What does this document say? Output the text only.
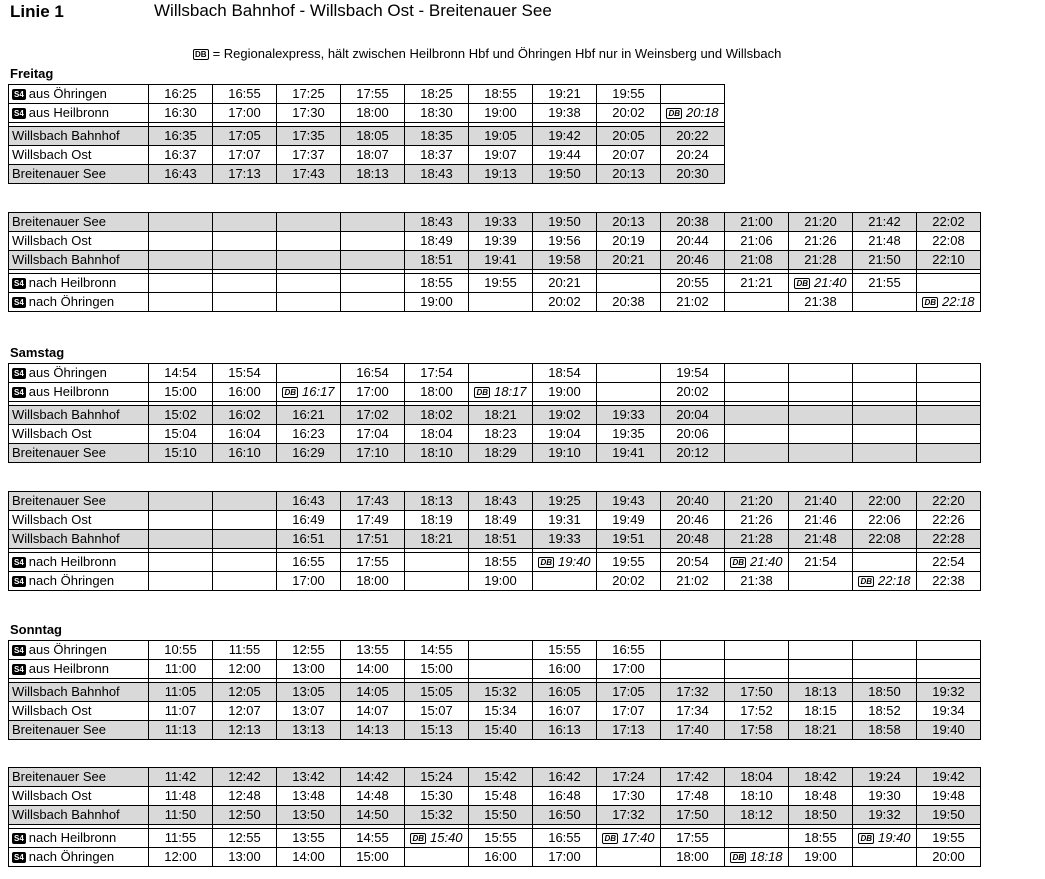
Linie 1	Willsbach Bahnhof - Willsbach Ost - Breitenauer See
DB = Regionalexpress, hält zwischen Heilbronn Hbf und Öhringen Hbf nur in Weinsberg und Willsbach
Freitag
S4 aus Öhringen	16:25	16:55	17:25	17:55	18:25	18:55	19:21	19:55	
S4 aus Heilbronn	16:30	17:00	17:30	18:00	18:30	19:00	19:38	20:02	DB 20:18

Willsbach Bahnhof	16:35	17:05	17:35	18:05	18:35	19:05	19:42	20:05	20:22
Willsbach Ost	16:37	17:07	17:37	18:07	18:37	19:07	19:44	20:07	20:24
Breitenauer See	16:43	17:13	17:43	18:13	18:43	19:13	19:50	20:13	20:30
Breitenauer See					18:43	19:33	19:50	20:13	20:38	21:00	21:20	21:42	22:02
Willsbach Ost					18:49	19:39	19:56	20:19	20:44	21:06	21:26	21:48	22:08
Willsbach Bahnhof					18:51	19:41	19:58	20:21	20:46	21:08	21:28	21:50	22:10

S4 nach Heilbronn					18:55	19:55	20:21		20:55	21:21	DB 21:40	21:55	
S4 nach Öhringen					19:00		20:02	20:38	21:02		21:38		DB 22:18
Samstag
S4 aus Öhringen	14:54	15:54		16:54	17:54		18:54		19:54				
S4 aus Heilbronn	15:00	16:00	DB 16:17	17:00	18:00	DB 18:17	19:00		20:02				

Willsbach Bahnhof	15:02	16:02	16:21	17:02	18:02	18:21	19:02	19:33	20:04				
Willsbach Ost	15:04	16:04	16:23	17:04	18:04	18:23	19:04	19:35	20:06				
Breitenauer See	15:10	16:10	16:29	17:10	18:10	18:29	19:10	19:41	20:12				
Breitenauer See			16:43	17:43	18:13	18:43	19:25	19:43	20:40	21:20	21:40	22:00	22:20
Willsbach Ost			16:49	17:49	18:19	18:49	19:31	19:49	20:46	21:26	21:46	22:06	22:26
Willsbach Bahnhof			16:51	17:51	18:21	18:51	19:33	19:51	20:48	21:28	21:48	22:08	22:28

S4 nach Heilbronn			16:55	17:55		18:55	DB 19:40	19:55	20:54	DB 21:40	21:54		22:54
S4 nach Öhringen			17:00	18:00		19:00		20:02	21:02	21:38		DB 22:18	22:38
Sonntag
S4 aus Öhringen	10:55	11:55	12:55	13:55	14:55		15:55	16:55					
S4 aus Heilbronn	11:00	12:00	13:00	14:00	15:00		16:00	17:00					

Willsbach Bahnhof	11:05	12:05	13:05	14:05	15:05	15:32	16:05	17:05	17:32	17:50	18:13	18:50	19:32
Willsbach Ost	11:07	12:07	13:07	14:07	15:07	15:34	16:07	17:07	17:34	17:52	18:15	18:52	19:34
Breitenauer See	11:13	12:13	13:13	14:13	15:13	15:40	16:13	17:13	17:40	17:58	18:21	18:58	19:40
Breitenauer See	11:42	12:42	13:42	14:42	15:24	15:42	16:42	17:24	17:42	18:04	18:42	19:24	19:42
Willsbach Ost	11:48	12:48	13:48	14:48	15:30	15:48	16:48	17:30	17:48	18:10	18:48	19:30	19:48
Willsbach Bahnhof	11:50	12:50	13:50	14:50	15:32	15:50	16:50	17:32	17:50	18:12	18:50	19:32	19:50

S4 nach Heilbronn	11:55	12:55	13:55	14:55	DB 15:40	15:55	16:55	DB 17:40	17:55		18:55	DB 19:40	19:55
S4 nach Öhringen	12:00	13:00	14:00	15:00		16:00	17:00		18:00	DB 18:18	19:00		20:00
